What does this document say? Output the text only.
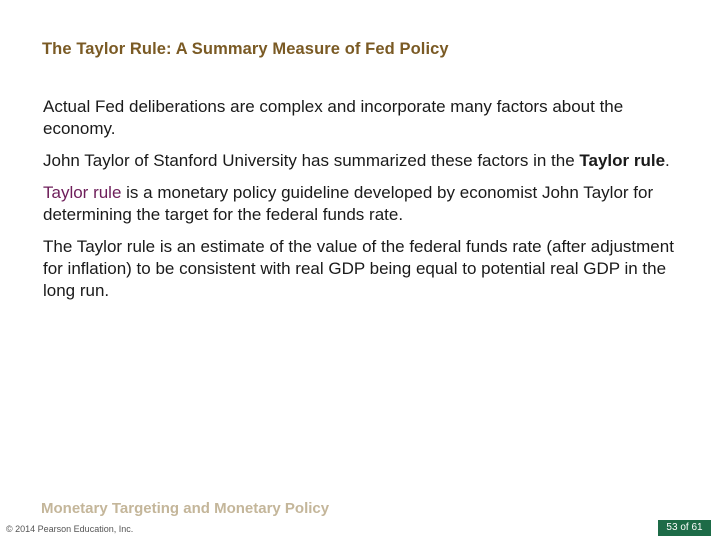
The Taylor Rule: A Summary Measure of Fed Policy

Actual Fed deliberations are complex and incorporate many factors about the economy.

John Taylor of Stanford University has summarized these factors in the Taylor rule.

Taylor rule is a monetary policy guideline developed by economist John Taylor for determining the target for the federal funds rate.

The Taylor rule is an estimate of the value of the federal funds rate (after adjustment for inflation) to be consistent with real GDP being equal to potential real GDP in the long run.

Monetary Targeting and Monetary Policy
© 2014 Pearson Education, Inc.	53 of 61
